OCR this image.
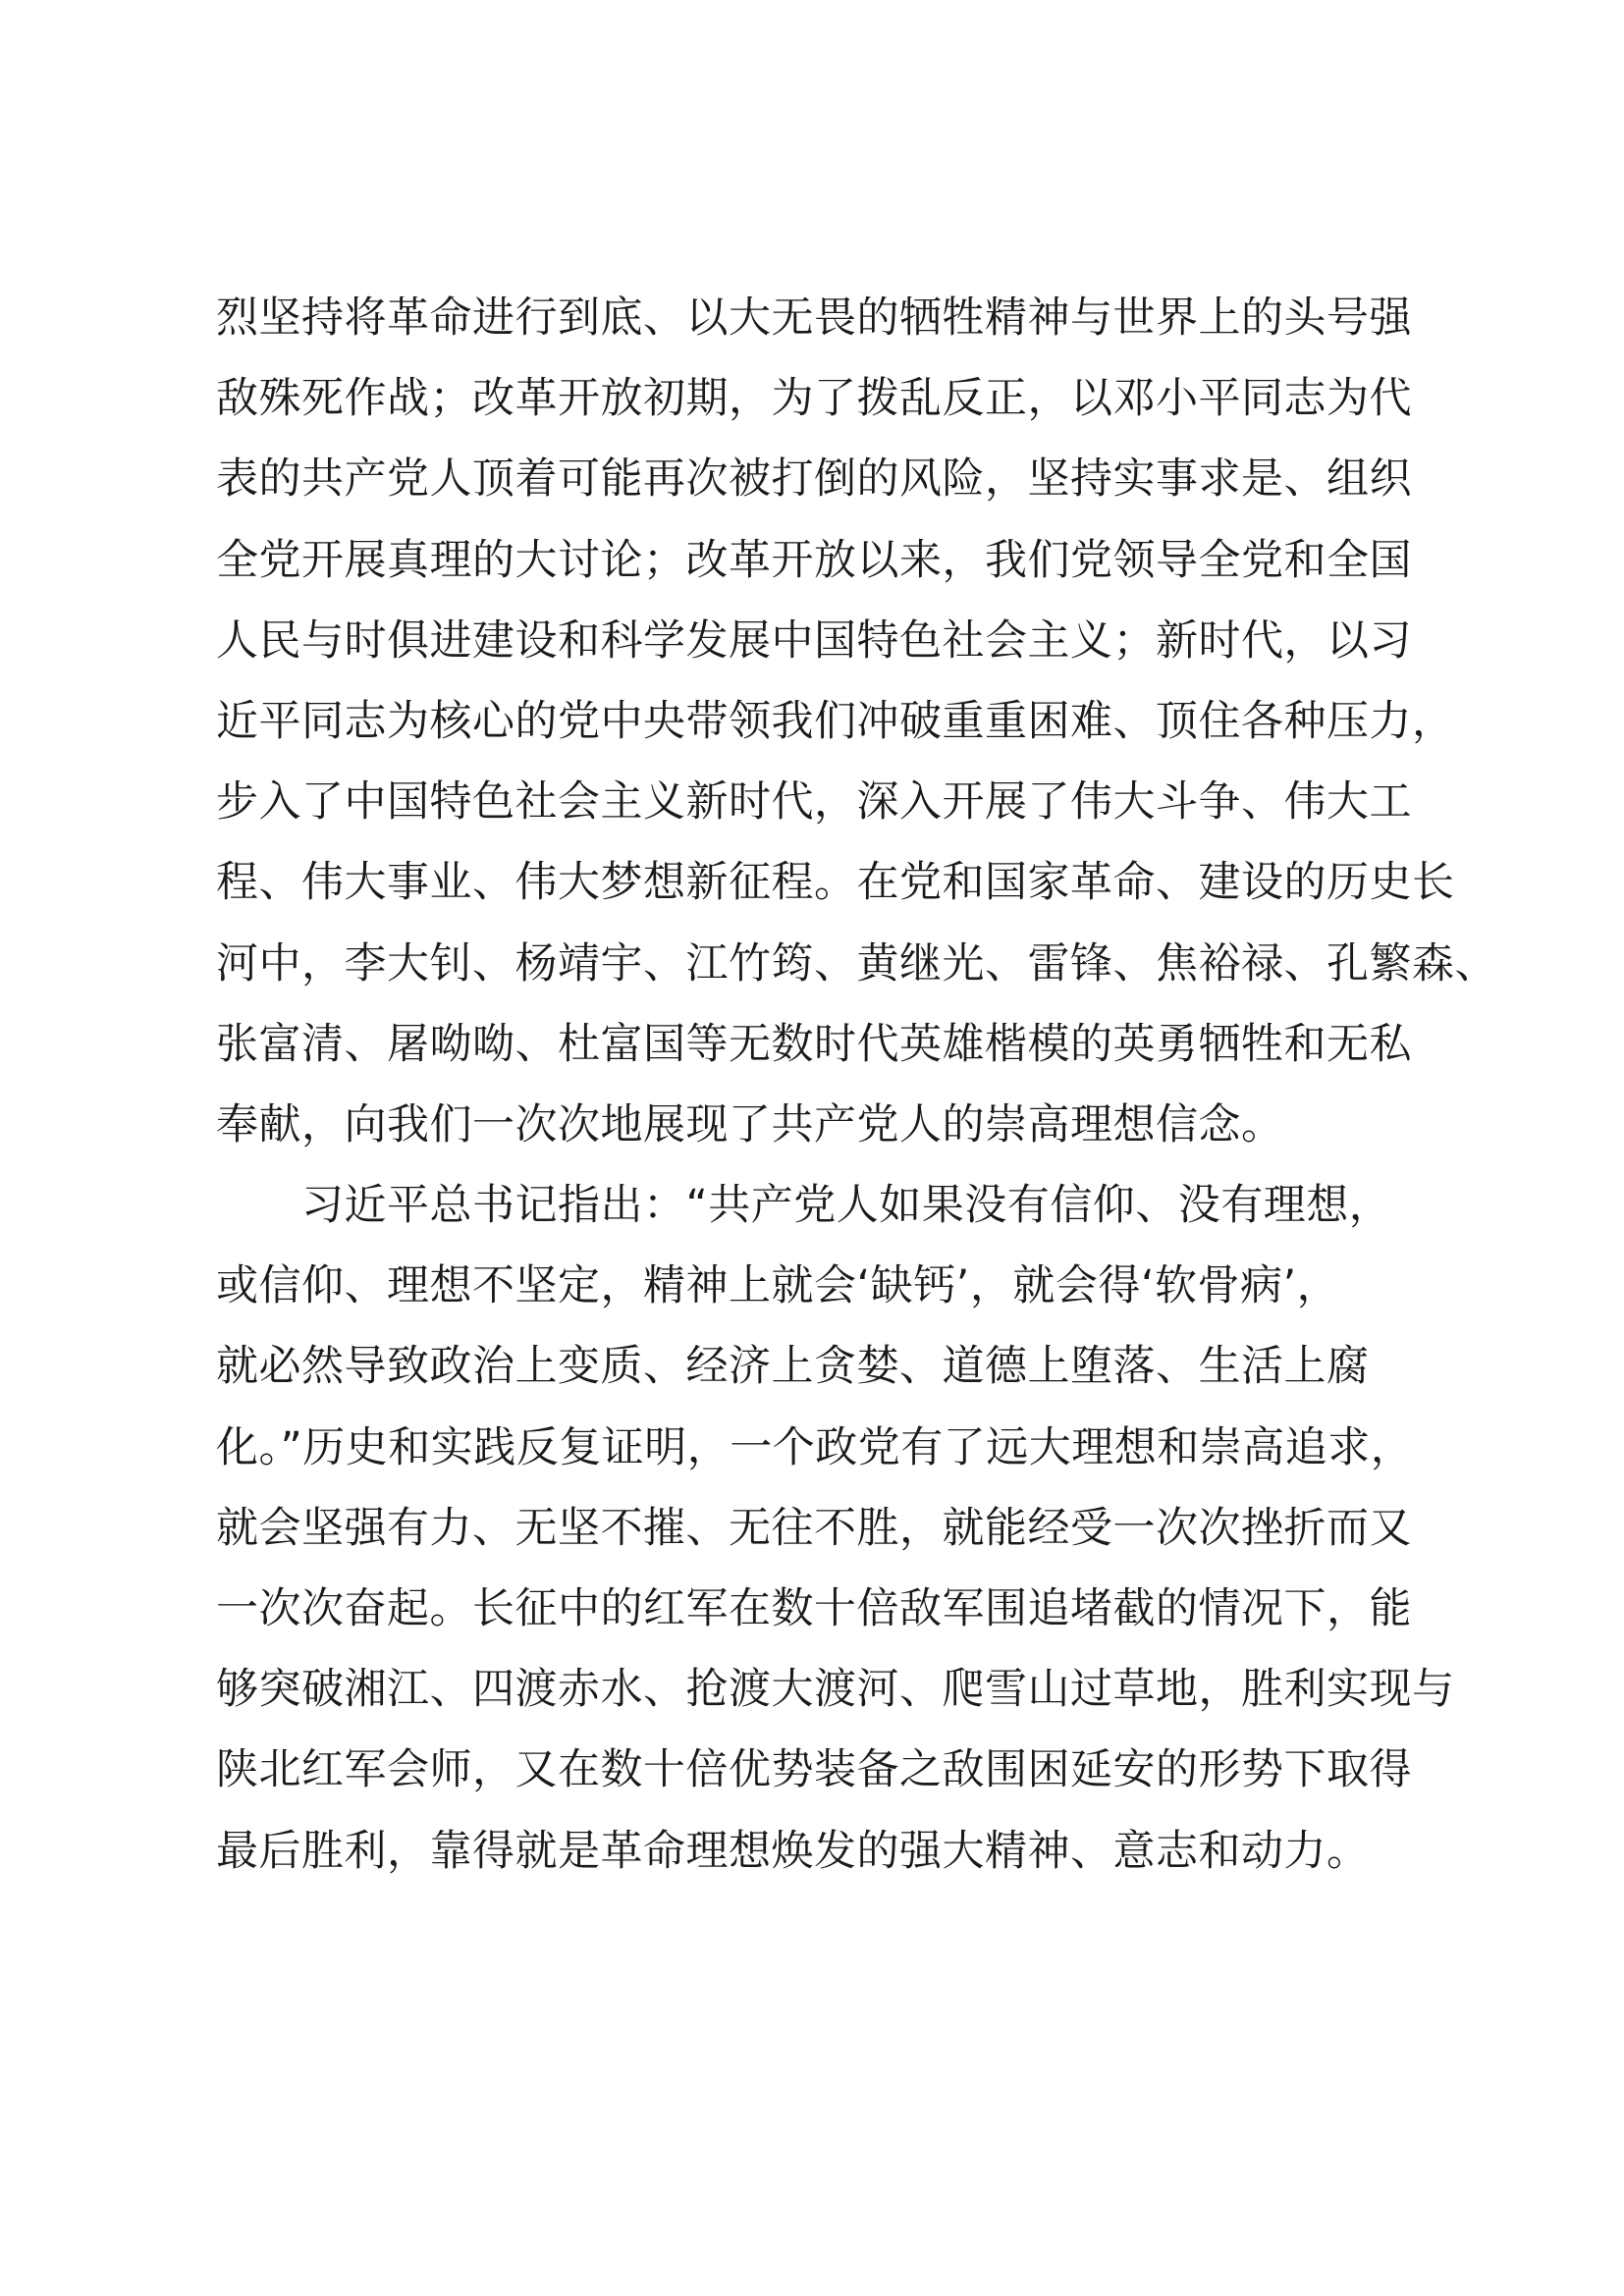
烈坚持将革命进行到底、以大无畏的牺牲精神与世界上的头号强
敌殊死作战；改革开放初期，为了拨乱反正，以邓小平同志为代
表的共产党人顶着可能再次被打倒的风险，坚持实事求是、组织
全党开展真理的大讨论；改革开放以来，我们党领导全党和全国
人民与时俱进建设和科学发展中国特色社会主义；新时代，以习
近平同志为核心的党中央带领我们冲破重重困难、顶住各种压力，
步入了中国特色社会主义新时代，深入开展了伟大斗争、伟大工
程、伟大事业、伟大梦想新征程。在党和国家革命、建设的历史长
河中，李大钊、杨靖宇、江竹筠、黄继光、雷锋、焦裕禄、孔繁森、
张富清、屠呦呦、杜富国等无数时代英雄楷模的英勇牺牲和无私
奉献，向我们一次次地展现了共产党人的崇高理想信念。
　　习近平总书记指出：“共产党人如果没有信仰、没有理想，
或信仰、理想不坚定，精神上就会‘缺钙’，就会得‘软骨病’，
就必然导致政治上变质、经济上贪婪、道德上堕落、生活上腐
化。”历史和实践反复证明，一个政党有了远大理想和崇高追求，
就会坚强有力、无坚不摧、无往不胜，就能经受一次次挫折而又
一次次奋起。长征中的红军在数十倍敌军围追堵截的情况下，能
够突破湘江、四渡赤水、抢渡大渡河、爬雪山过草地，胜利实现与
陕北红军会师，又在数十倍优势装备之敌围困延安的形势下取得
最后胜利，靠得就是革命理想焕发的强大精神、意志和动力。
